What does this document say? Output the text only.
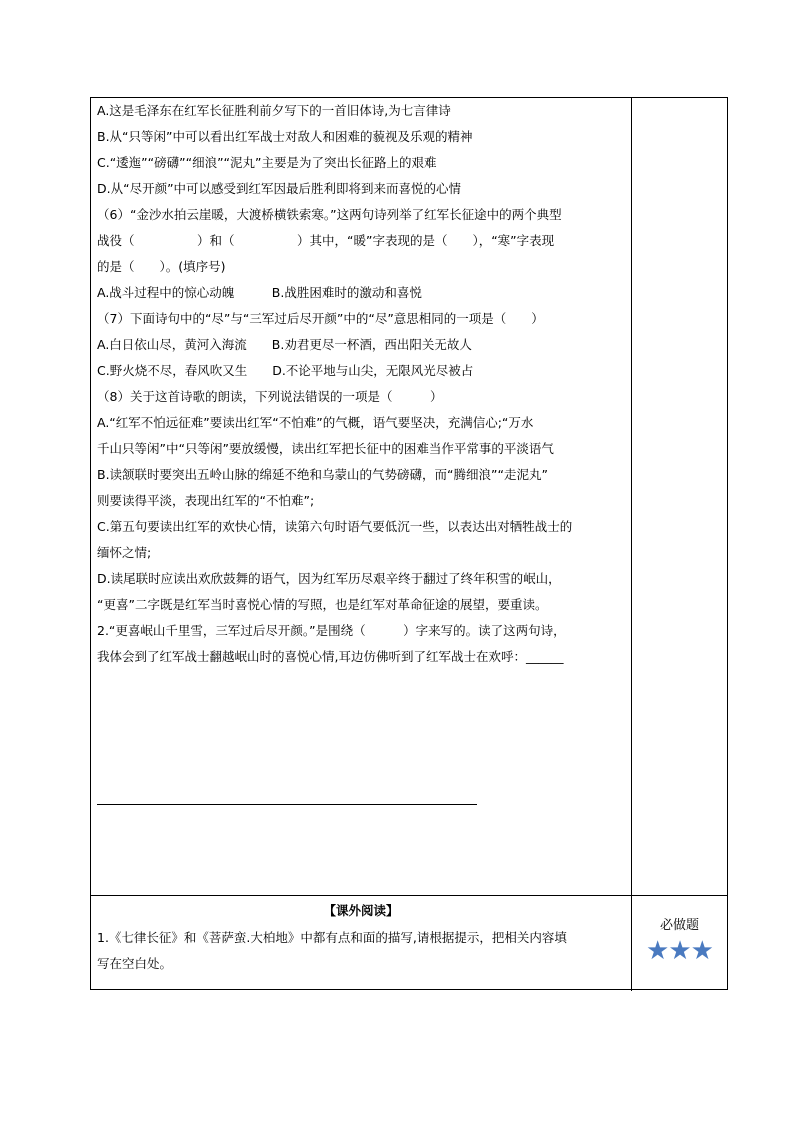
A.这是毛泽东在红军长征胜利前夕写下的一首旧体诗,为七言律诗
B.从“只等闲”中可以看出红军战士对敌人和困难的藐视及乐观的精神
C.“逶迤”“磅礴”“细浪”“泥丸”主要是为了突出长征路上的艰难
D.从“尽开颜”中可以感受到红军因最后胜利即将到来而喜悦的心情
（6）“金沙水拍云崖暖，大渡桥横铁索寒。”这两句诗列举了红军长征途中的两个典型
战役（　　　　　）和（　　　　　）其中，“暖”字表现的是（　　），“寒”字表现
的是（　　）。(填序号)
A.战斗过程中的惊心动魄　　　B.战胜困难时的激动和喜悦
（7）下面诗句中的“尽”与“三军过后尽开颜”中的“尽”意思相同的一项是（　　）
A.白日依山尽，黄河入海流　　B.劝君更尽一杯酒，西出阳关无故人
C.野火烧不尽，春风吹又生　　D.不论平地与山尖，无限风光尽被占
（8）关于这首诗歌的朗读，下列说法错误的一项是（　　　）
A.“红军不怕远征难”要读出红军“不怕难”的气概，语气要坚决，充满信心;“万水
千山只等闲”中“只等闲”要放缓慢，读出红军把长征中的困难当作平常事的平淡语气
B.读颔联时要突出五岭山脉的绵延不绝和乌蒙山的气势磅礴，而“腾细浪”“走泥丸”
则要读得平淡，表现出红军的“不怕难”;
C.第五句要读出红军的欢快心情，读第六句时语气要低沉一些，以表达出对牺牲战士的
缅怀之情;
D.读尾联时应读出欢欣鼓舞的语气，因为红军历尽艰辛终于翻过了终年积雪的岷山，
“更喜”二字既是红军当时喜悦心情的写照，也是红军对革命征途的展望，要重读。
2.“更喜岷山千里雪，三军过后尽开颜。”是围绕（　　　）字来写的。读了这两句诗，
我体会到了红军战士翻越岷山时的喜悦心情,耳边仿佛听到了红军战士在欢呼：______
【课外阅读】
1.《七律长征》和《菩萨蛮.大柏地》中都有点和面的描写,请根据提示，把相关内容填
写在空白处。
必做题
★★★
